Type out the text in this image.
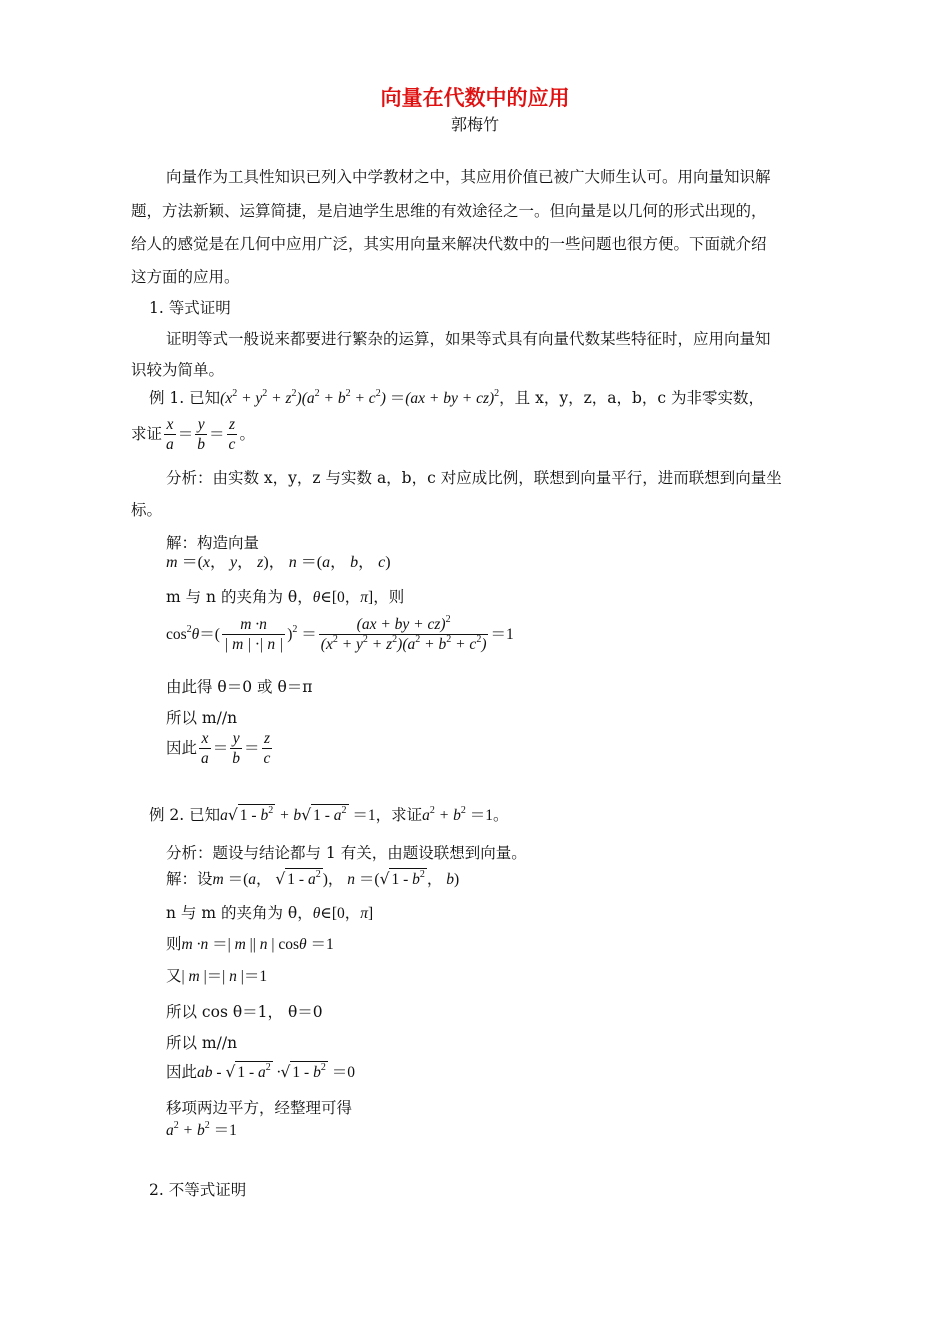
向量在代数中的应用
郭梅竹
向量作为工具性知识已列入中学教材之中，其应用价值已被广大师生认可。用向量知识解
题，方法新颖、运算简捷，是启迪学生思维的有效途径之一。但向量是以几何的形式出现的，
给人的感觉是在几何中应用广泛，其实用向量来解决代数中的一些问题也很方便。下面就介绍
这方面的应用。
1. 等式证明
证明等式一般说来都要进行繁杂的运算，如果等式具有向量代数某些特征时，应用向量知
识较为简单。
例 1. 已知$(x^2 + y^2 + z^2)(a^2 + b^2 + c^2) =(ax$ + by + cz)$^2$，且 x，y，z，a，b，c 为非零实数，
求证 $\frac{x}{a} = \frac{y}{b} = \frac{z}{c}$ 。
分析：由实数 x，y，z 与实数 a，b，c 对应成比例，联想到向量平行，进而联想到向量坐
标。
解：构造向量
m ＝(x， y， z)， n ＝(a， b， c)
m 与 n 的夹角为 θ，θ∈[0，π]，则
$\cos^2\theta=( \frac{m \cdot n}{| m | \cdot| n |} )^2 = \frac{(ax + by + cz)^2}{(x^2 + y^2 + z^2)(a^2 + b^2 + c^2)} =1$
由此得 θ＝0 或 θ＝π
所以 m//n
因此 $\frac{x}{a} = \frac{y}{b} = \frac{z}{c}$
例 2. 已知a√ $1 - b^2 + b√$ $1 - a^2 =1$，求证$a^2 + b^2 =1$。
分析：题设与结论都与 1 有关，由题设联想到向量。
解：设m ＝(a， √ $1 - a^2$ )， n ＝(√ $1 - b^2$ ， b)
n 与 m 的夹角为 θ，θ∈[0，π]
则m ·n ＝| m || n | cosθ ＝1
又| m |＝| n |＝1
所以 cos θ＝1， θ＝0
所以 m//n
因此ab - √ $1 - a^2$ ·√ $1 - b^2 =0$
移项两边平方，经整理可得
$a^2 + b^2 =1$
2. 不等式证明
